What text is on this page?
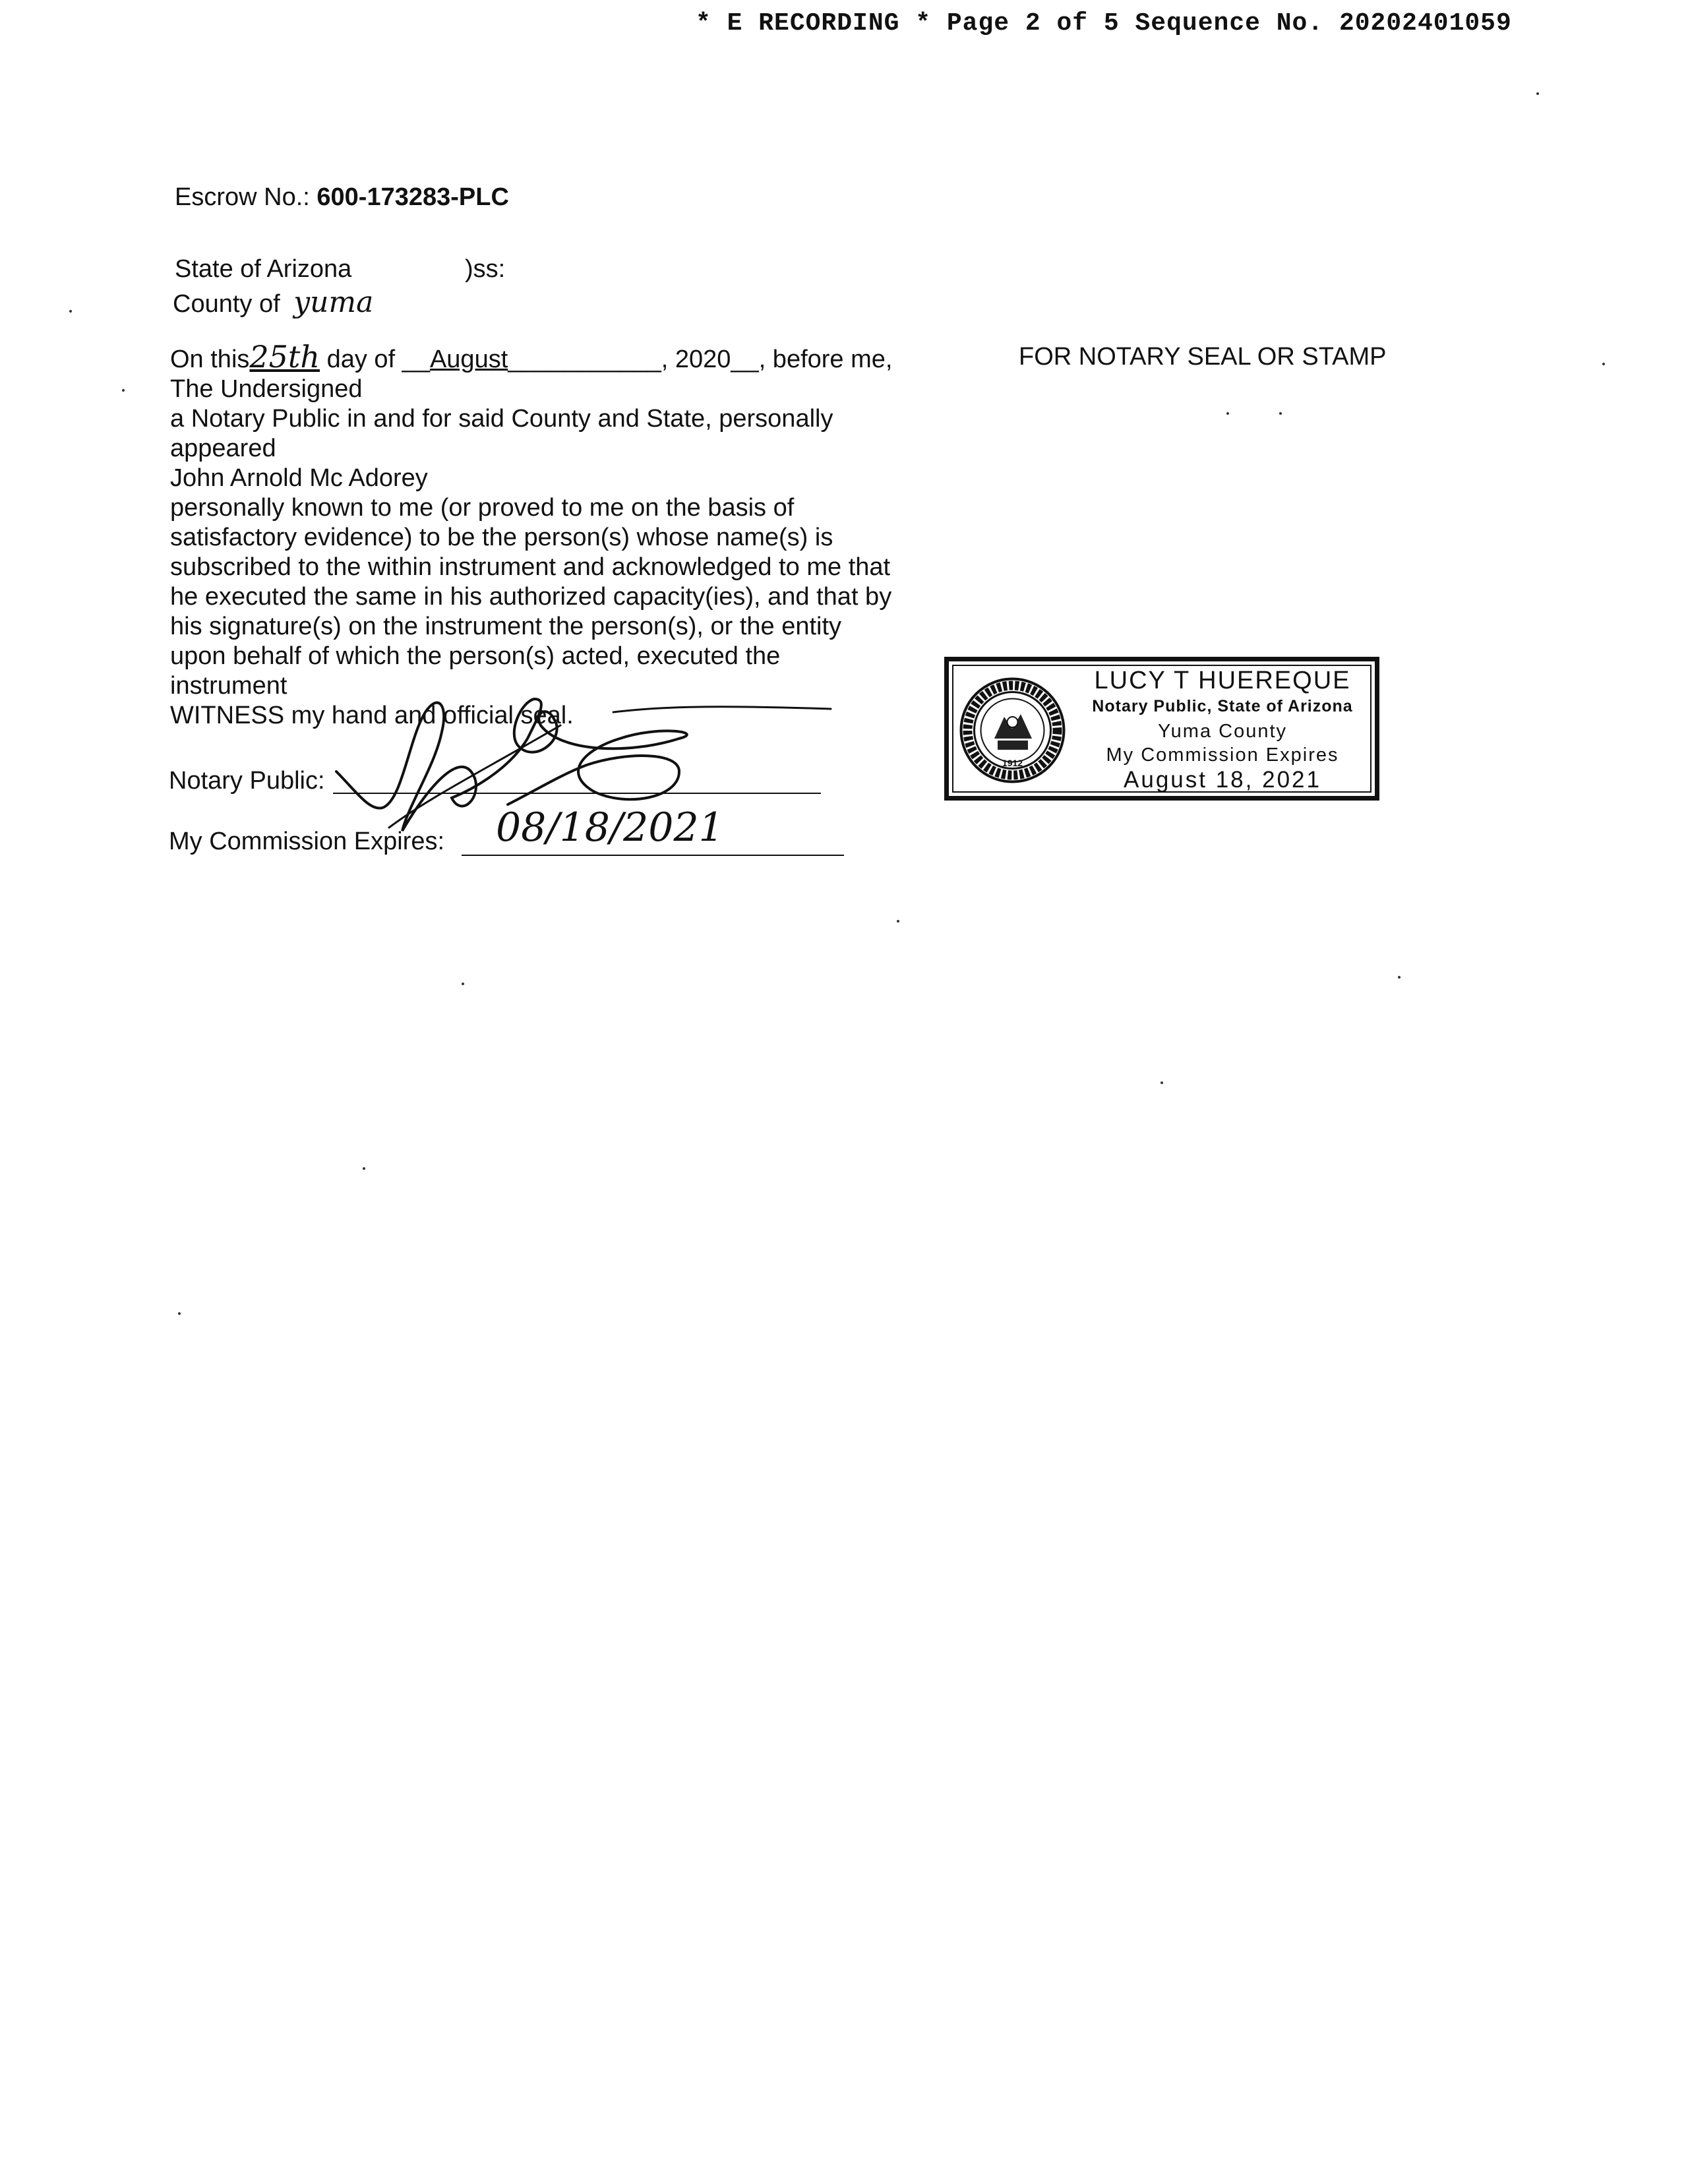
* E RECORDING * Page 2 of 5 Sequence No. 20202401059
Escrow No.: 600-173283-PLC
State of Arizona	)ss:
County of yuma
On this25th day of __August___________, 2020__, before me,
The Undersigned
a Notary Public in and for said County and State, personally
appeared
John Arnold Mc Adorey
personally known to me (or proved to me on the basis of
satisfactory evidence) to be the person(s) whose name(s) is
subscribed to the within instrument and acknowledged to me that
he executed the same in his authorized capacity(ies), and that by
his signature(s) on the instrument the person(s), or the entity
upon behalf of which the person(s) acted, executed the
instrument
WITNESS my hand and official seal.
Notary Public:
My Commission Expires: 08/18/2021
FOR NOTARY SEAL OR STAMP
1912
LUCY T HUEREQUE
Notary Public, State of Arizona
Yuma County
My Commission Expires
August 18, 2021
